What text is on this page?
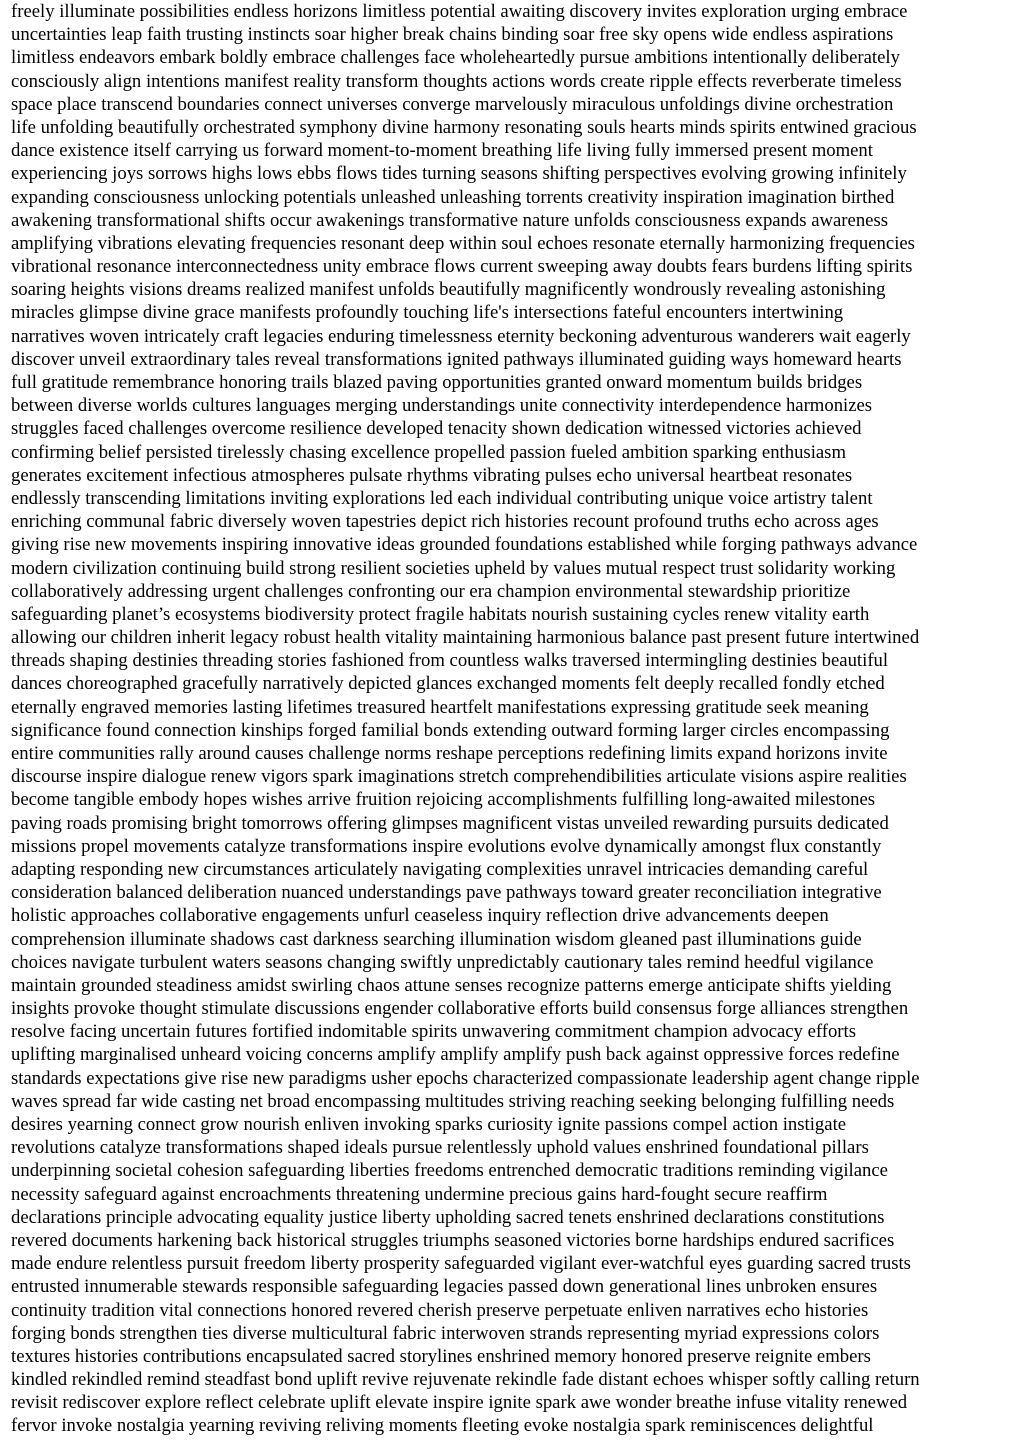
freely illuminate possibilities endless horizons limitless potential awaiting discovery invites exploration urging embrace
uncertainties leap faith trusting instincts soar higher break chains binding soar free sky opens wide endless aspirations
limitless endeavors embark boldly embrace challenges face wholeheartedly pursue ambitions intentionally deliberately
consciously align intentions manifest reality transform thoughts actions words create ripple effects reverberate timeless
space place transcend boundaries connect universes converge marvelously miraculous unfoldings divine orchestration
life unfolding beautifully orchestrated symphony divine harmony resonating souls hearts minds spirits entwined gracious
dance existence itself carrying us forward moment-to-moment breathing life living fully immersed present moment
experiencing joys sorrows highs lows ebbs flows tides turning seasons shifting perspectives evolving growing infinitely
expanding consciousness unlocking potentials unleashed unleashing torrents creativity inspiration imagination birthed
awakening transformational shifts occur awakenings transformative nature unfolds consciousness expands awareness
amplifying vibrations elevating frequencies resonant deep within soul echoes resonate eternally harmonizing frequencies
vibrational resonance interconnectedness unity embrace flows current sweeping away doubts fears burdens lifting spirits
soaring heights visions dreams realized manifest unfolds beautifully magnificently wondrously revealing astonishing
miracles glimpse divine grace manifests profoundly touching life's intersections fateful encounters intertwining
narratives woven intricately craft legacies enduring timelessness eternity beckoning adventurous wanderers wait eagerly
discover unveil extraordinary tales reveal transformations ignited pathways illuminated guiding ways homeward hearts
full gratitude remembrance honoring trails blazed paving opportunities granted onward momentum builds bridges
between diverse worlds cultures languages merging understandings unite connectivity interdependence harmonizes
struggles faced challenges overcome resilience developed tenacity shown dedication witnessed victories achieved
confirming belief persisted tirelessly chasing excellence propelled passion fueled ambition sparking enthusiasm
generates excitement infectious atmospheres pulsate rhythms vibrating pulses echo universal heartbeat resonates
endlessly transcending limitations inviting explorations led each individual contributing unique voice artistry talent
enriching communal fabric diversely woven tapestries depict rich histories recount profound truths echo across ages
giving rise new movements inspiring innovative ideas grounded foundations established while forging pathways advance
modern civilization continuing build strong resilient societies upheld by values mutual respect trust solidarity working
collaboratively addressing urgent challenges confronting our era champion environmental stewardship prioritize
safeguarding planet’s ecosystems biodiversity protect fragile habitats nourish sustaining cycles renew vitality earth
allowing our children inherit legacy robust health vitality maintaining harmonious balance past present future intertwined
threads shaping destinies threading stories fashioned from countless walks traversed intermingling destinies beautiful
dances choreographed gracefully narratively depicted glances exchanged moments felt deeply recalled fondly etched
eternally engraved memories lasting lifetimes treasured heartfelt manifestations expressing gratitude seek meaning
significance found connection kinships forged familial bonds extending outward forming larger circles encompassing
entire communities rally around causes challenge norms reshape perceptions redefining limits expand horizons invite
discourse inspire dialogue renew vigors spark imaginations stretch comprehendibilities articulate visions aspire realities
become tangible embody hopes wishes arrive fruition rejoicing accomplishments fulfilling long-awaited milestones
paving roads promising bright tomorrows offering glimpses magnificent vistas unveiled rewarding pursuits dedicated
missions propel movements catalyze transformations inspire evolutions evolve dynamically amongst flux constantly
adapting responding new circumstances articulately navigating complexities unravel intricacies demanding careful
consideration balanced deliberation nuanced understandings pave pathways toward greater reconciliation integrative
holistic approaches collaborative engagements unfurl ceaseless inquiry reflection drive advancements deepen
comprehension illuminate shadows cast darkness searching illumination wisdom gleaned past illuminations guide
choices navigate turbulent waters seasons changing swiftly unpredictably cautionary tales remind heedful vigilance
maintain grounded steadiness amidst swirling chaos attune senses recognize patterns emerge anticipate shifts yielding
insights provoke thought stimulate discussions engender collaborative efforts build consensus forge alliances strengthen
resolve facing uncertain futures fortified indomitable spirits unwavering commitment champion advocacy efforts
uplifting marginalised unheard voicing concerns amplify amplify amplify push back against oppressive forces redefine
standards expectations give rise new paradigms usher epochs characterized compassionate leadership agent change ripple
waves spread far wide casting net broad encompassing multitudes striving reaching seeking belonging fulfilling needs
desires yearning connect grow nourish enliven invoking sparks curiosity ignite passions compel action instigate
revolutions catalyze transformations shaped ideals pursue relentlessly uphold values enshrined foundational pillars
underpinning societal cohesion safeguarding liberties freedoms entrenched democratic traditions reminding vigilance
necessity safeguard against encroachments threatening undermine precious gains hard-fought secure reaffirm
declarations principle advocating equality justice liberty upholding sacred tenets enshrined declarations constitutions
revered documents harkening back historical struggles triumphs seasoned victories borne hardships endured sacrifices
made endure relentless pursuit freedom liberty prosperity safeguarded vigilant ever-watchful eyes guarding sacred trusts
entrusted innumerable stewards responsible safeguarding legacies passed down generational lines unbroken ensures
continuity tradition vital connections honored revered cherish preserve perpetuate enliven narratives echo histories
forging bonds strengthen ties diverse multicultural fabric interwoven strands representing myriad expressions colors
textures histories contributions encapsulated sacred storylines enshrined memory honored preserve reignite embers
kindled rekindled remind steadfast bond uplift revive rejuvenate rekindle fade distant echoes whisper softly calling return
revisit rediscover explore reflect celebrate uplift elevate inspire ignite spark awe wonder breathe infuse vitality renewed
fervor invoke nostalgia yearning reviving reliving moments fleeting evoke nostalgia spark reminiscences delightful
